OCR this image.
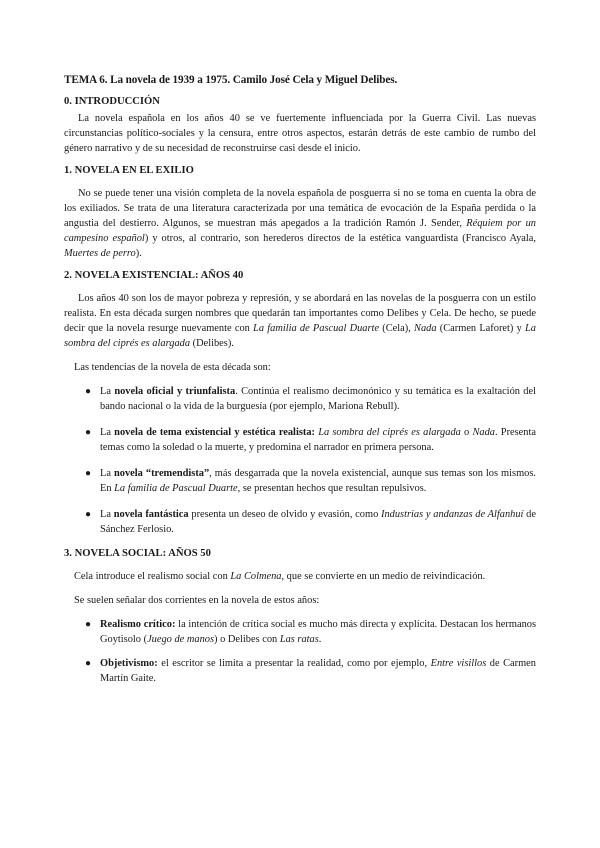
TEMA 6. La novela de 1939 a 1975. Camilo José Cela y Miguel Delibes.
0. INTRODUCCIÓN

La novela española en los años 40 se ve fuertemente influenciada por la Guerra Civil. Las nuevas circunstancias político-sociales y la censura, entre otros aspectos, estarán detrás de este cambio de rumbo del género narrativo y de su necesidad de reconstruirse casi desde el inicio.

1. NOVELA EN EL EXILIO

No se puede tener una visión completa de la novela española de posguerra si no se toma en cuenta la obra de los exiliados. Se trata de una literatura caracterizada por una temática de evocación de la España perdida o la angustia del destierro. Algunos, se muestran más apegados a la tradición Ramón J. Sender, Réquiem por un campesino español) y otros, al contrario, son herederos directos de la estética vanguardista (Francisco Ayala, Muertes de perro).

2. NOVELA EXISTENCIAL: AÑOS 40

Los años 40 son los de mayor pobreza y represión, y se abordará en las novelas de la posguerra con un estilo realista. En esta década surgen nombres que quedarán tan importantes como Delibes y Cela. De hecho, se puede decir que la novela resurge nuevamente con La familia de Pascual Duarte (Cela), Nada (Carmen Laforet) y La sombra del ciprés es alargada (Delibes).

Las tendencias de la novela de esta década son:

● La novela oficial y triunfalista. Continúa el realismo decimonónico y su temática es la exaltación del bando nacional o la vida de la burguesía (por ejemplo, Mariona Rebull).
● La novela de tema existencial y estética realista: La sombra del ciprés es alargada o Nada. Presenta temas como la soledad o la muerte, y predomina el narrador en primera persona.
● La novela “tremendista”, más desgarrada que la novela existencial, aunque sus temas son los mismos. En La familia de Pascual Duarte, se presentan hechos que resultan repulsivos.
● La novela fantástica presenta un deseo de olvido y evasión, como Industrias y andanzas de Alfanhuí de Sánchez Ferlosio.
3. NOVELA SOCIAL: AÑOS 50

Cela introduce el realismo social con La Colmena, que se convierte en un medio de reivindicación.

Se suelen señalar dos corrientes en la novela de estos años:

● Realismo crítico: la intención de crítica social es mucho más directa y explícita. Destacan los hermanos Goytisolo (Juego de manos) o Delibes con Las ratas.
● Objetivismo: el escritor se limita a presentar la realidad, como por ejemplo, Entre visillos de Carmen Martín Gaite.
